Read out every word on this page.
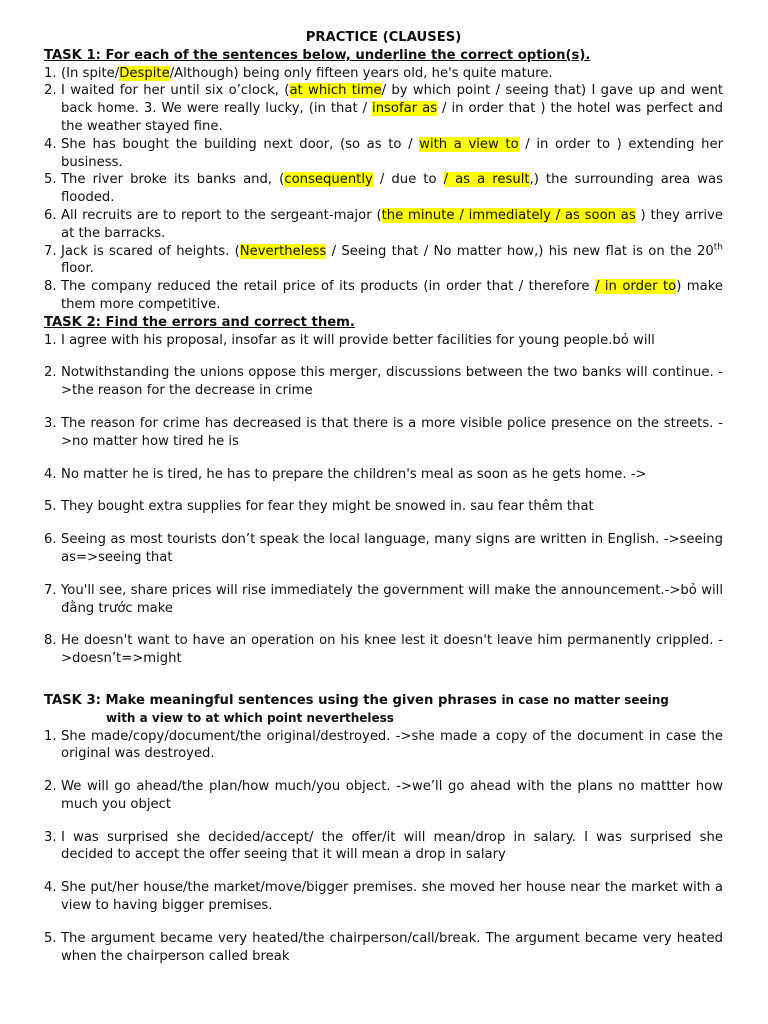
PRACTICE (CLAUSES)
TASK 1: For each of the sentences below, underline the correct option(s).
1. (In spite/Despite/Although) being only fifteen years old, he's quite mature.
2. I waited for her until six o’clock, (at which time/ by which point / seeing that) I gave up and went back home. 3. We were really lucky, (in that / insofar as / in order that ) the hotel was perfect and the weather stayed fine.
4. She has bought the building next door, (so as to / with a view to / in order to ) extending her business.
5. The river broke its banks and, (consequently / due to / as a result,) the surrounding area was flooded.
6. All recruits are to report to the sergeant-major (the minute / immediately / as soon as ) they arrive at the barracks.
7. Jack is scared of heights. (Nevertheless / Seeing that / No matter how,) his new flat is on the 20th floor.
8. The company reduced the retail price of its products (in order that / therefore / in order to) make them more competitive.
TASK 2: Find the errors and correct them.
1. I agree with his proposal, insofar as it will provide better facilities for young people.bỏ will
2. Notwithstanding the unions oppose this merger, discussions between the two banks will continue. ->the reason for the decrease in crime
3. The reason for crime has decreased is that there is a more visible police presence on the streets. ->no matter how tired he is
4. No matter he is tired, he has to prepare the children's meal as soon as he gets home. ->
5. They bought extra supplies for fear they might be snowed in. sau fear thêm that
6. Seeing as most tourists don’t speak the local language, many signs are written in English. ->seeing as=>seeing that
7. You'll see, share prices will rise immediately the government will make the announcement.->bỏ will đằng trước make
8. He doesn't want to have an operation on his knee lest it doesn't leave him permanently crippled. ->doesn’t=>might
TASK 3: Make meaningful sentences using the given phrases in case no matter seeing
with a view to at which point nevertheless
1. She made/copy/document/the original/destroyed. ->she made a copy of the document in case the original was destroyed.
2. We will go ahead/the plan/how much/you object. ->we’ll go ahead with the plans no mattter how much you object
3. I was surprised she decided/accept/ the offer/it will mean/drop in salary. I was surprised she decided to accept the offer seeing that it will mean a drop in salary
4. She put/her house/the market/move/bigger premises. she moved her house near the market with a view to having bigger premises.
5. The argument became very heated/the chairperson/call/break. The argument became very heated when the chairperson called break
